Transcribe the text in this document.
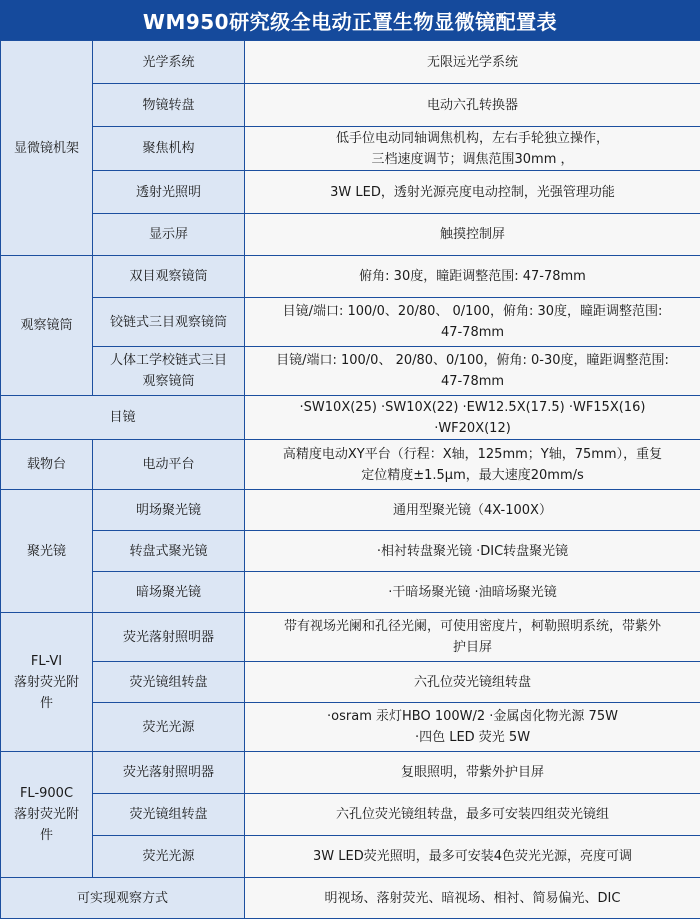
WM950研究级全电动正置生物显微镜配置表
显微镜机架	光学系统	无限远光学系统
	物镜转盘	电动六孔转换器
	聚焦机构	低手位电动同轴调焦机构，左右手轮独立操作，
三档速度调节；调焦范围30mm ，

	透射光照明	3W LED，透射光源亮度电动控制，光强管理功能
	显示屏	触摸控制屏
观察镜筒	双目观察镜筒	俯角: 30度，瞳距调整范围: 47-78mm
	铰链式三目观察镜筒	目镜/端口: 100/0、20/80、 0/100，俯角: 30度，瞳距调整范围:
47-78mm

	人体工学校链式三目
观察镜筒	目镜/端口: 100/0、 20/80、0/100，俯角: 0-30度，瞳距调整范围:
47-78mm

目镜		·SW10X(25) ·SW10X(22) ·EW12.5X(17.5) ·WF15X(16)
·WF20X(12)

载物台	电动平台	高精度电动XY平台（行程：X轴，125mm；Y轴，75mm），重复
定位精度±1.5μm，最大速度20mm/s

聚光镜	明场聚光镜	通用型聚光镜（4X-100X）
	转盘式聚光镜	·相衬转盘聚光镜 ·DIC转盘聚光镜
	暗场聚光镜	·干暗场聚光镜 ·油暗场聚光镜

FL-VI
落射荧光附
件	荧光落射照明器	带有视场光阑和孔径光阑，可使用密度片，柯勒照明系统，带紫外
护目屏

	荧光镜组转盘	六孔位荧光镜组转盘
	荧光光源	·osram 汞灯HBO 100W/2 ·金属卤化物光源 75W
·四色 LED 荧光 5W

FL-900C
落射荧光附
件	荧光落射照明器	复眼照明，带紫外护目屏
	荧光镜组转盘	六孔位荧光镜组转盘，最多可安装四组荧光镜组
	荧光光源	3W LED荧光照明，最多可安装4色荧光光源，亮度可调
可实现观察方式		明视场、落射荧光、暗视场、相衬、简易偏光、DIC
